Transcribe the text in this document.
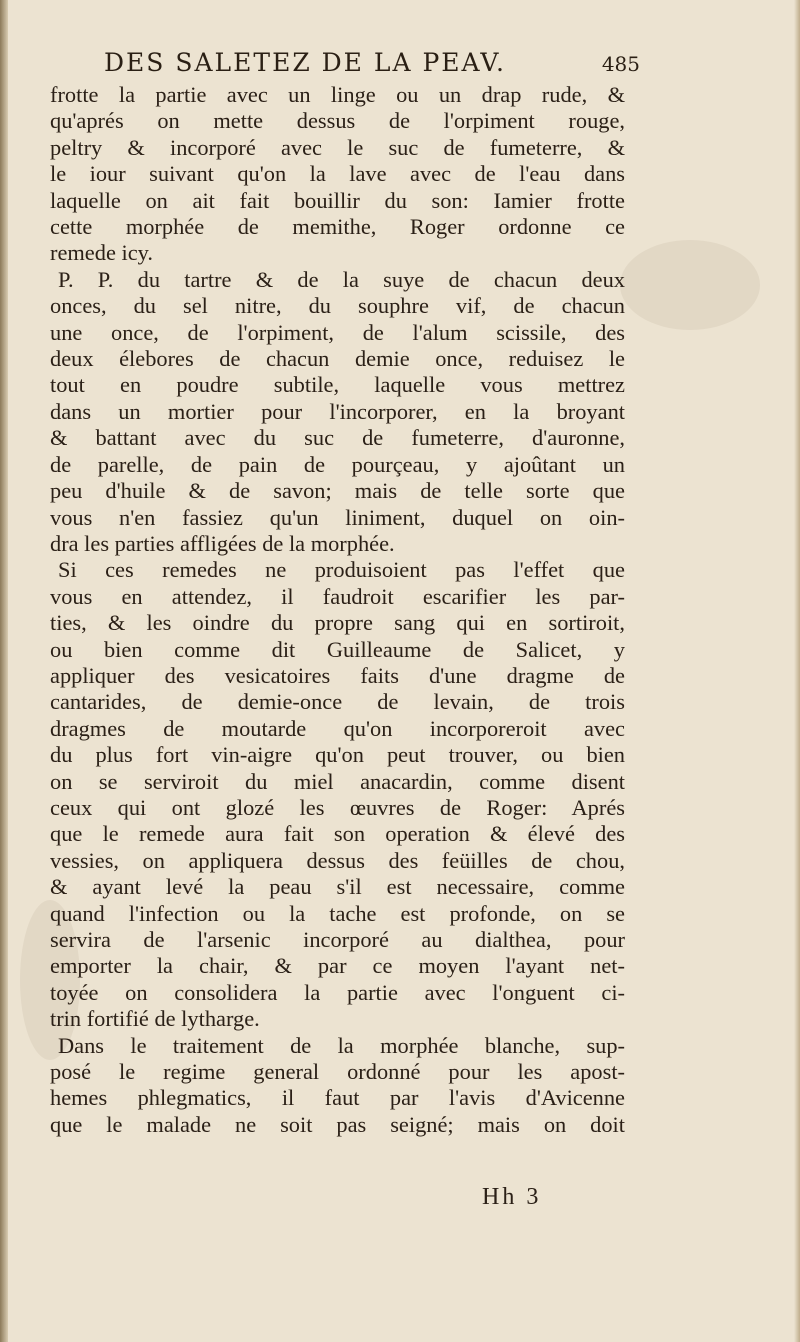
DES SALETEZ DE LA PEAV.	485
frotte la partie avec un linge ou un drap rude, &
qu'aprés on mette dessus de l'orpiment rouge,
peltry & incorporé avec le suc de fumeterre, &
le iour suivant qu'on la lave avec de l'eau dans
laquelle on ait fait bouillir du son: Iamier frotte
cette morphée de memithe, Roger ordonne ce
remede icy.
P. P. du tartre & de la suye de chacun deux
onces, du sel nitre, du souphre vif, de chacun
une once, de l'orpiment, de l'alum scissile, des
deux élebores de chacun demie once, reduisez le
tout en poudre subtile, laquelle vous mettrez
dans un mortier pour l'incorporer, en la broyant
& battant avec du suc de fumeterre, d'auronne,
de parelle, de pain de pourçeau, y ajoûtant un
peu d'huile & de savon; mais de telle sorte que
vous n'en fassiez qu'un liniment, duquel on oin-
dra les parties affligées de la morphée.
Si ces remedes ne produisoient pas l'effet que
vous en attendez, il faudroit escarifier les par-
ties, & les oindre du propre sang qui en sortiroit,
ou bien comme dit Guilleaume de Salicet, y
appliquer des vesicatoires faits d'une dragme de
cantarides, de demie-once de levain, de trois
dragmes de moutarde qu'on incorporeroit avec
du plus fort vin-aigre qu'on peut trouver, ou bien
on se serviroit du miel anacardin, comme disent
ceux qui ont glozé les œuvres de Roger: Aprés
que le remede aura fait son operation & élevé des
vessies, on appliquera dessus des feüilles de chou,
& ayant levé la peau s'il est necessaire, comme
quand l'infection ou la tache est profonde, on se
servira de l'arsenic incorporé au dialthea, pour
emporter la chair, & par ce moyen l'ayant net-
toyée on consolidera la partie avec l'onguent ci-
trin fortifié de lytharge.
Dans le traitement de la morphée blanche, sup-
posé le regime general ordonné pour les apost-
hemes phlegmatics, il faut par l'avis d'Avicenne
que le malade ne soit pas seigné; mais on doit
Hh 3
